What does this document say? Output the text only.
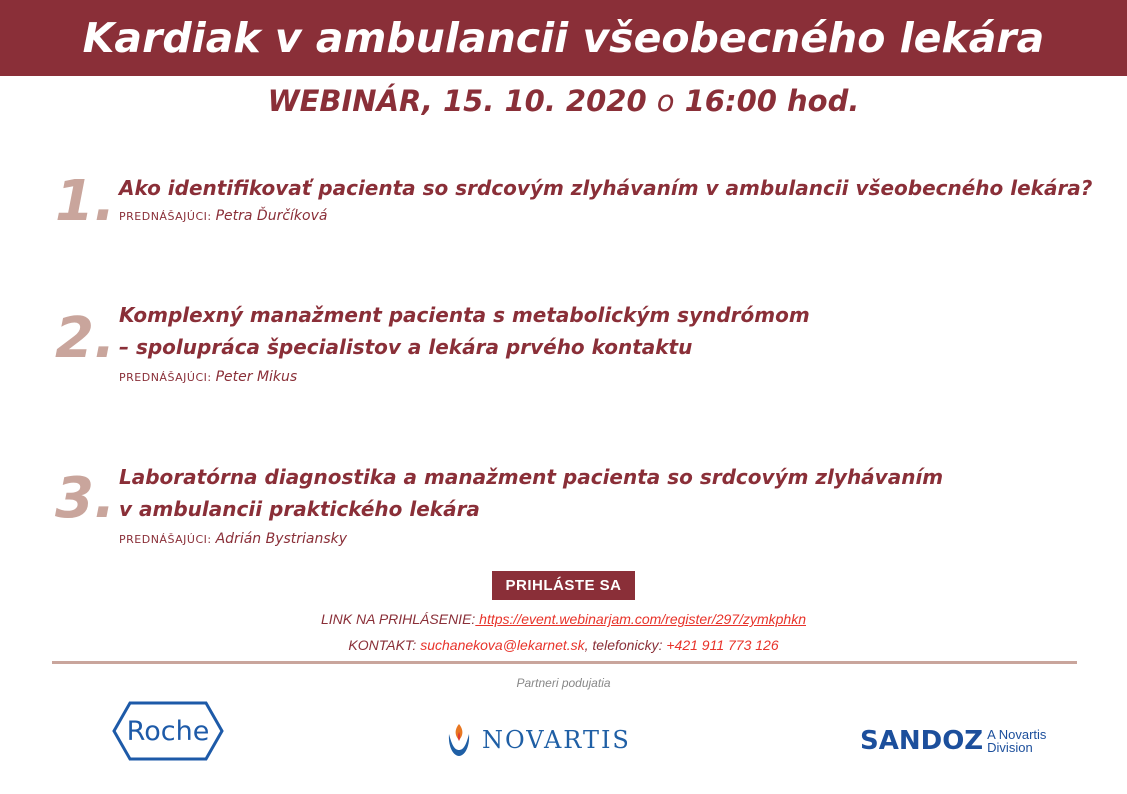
Kardiak v ambulancii všeobecného lekára
WEBINÁR, 15. 10. 2020 o 16:00 hod.
1. Ako identifikovať pacienta so srdcovým zlyhávaním v ambulancii všeobecného lekára?
PREDNÁŠAJÚCI: Petra Ďurčíková
2. Komplexný manažment pacienta s metabolickým syndrómom
– spolupráca špecialistov a lekára prvého kontaktu
PREDNÁŠAJÚCI: Peter Mikus
3. Laboratórna diagnostika a manažment pacienta so srdcovým zlyhávaním
v ambulancii praktického lekára
PREDNÁŠAJÚCI: Adrián Bystriansky
PRIHLÁSTE SA
LINK NA PRIHLÁSENIE: https://event.webinarjam.com/register/297/zymkphkn
KONTAKT: suchanekova@lekarnet.sk, telefonicky: +421 911 773 126
Partneri podujatia
Roche	NOVARTIS	SANDOZ A Novartis
Division
